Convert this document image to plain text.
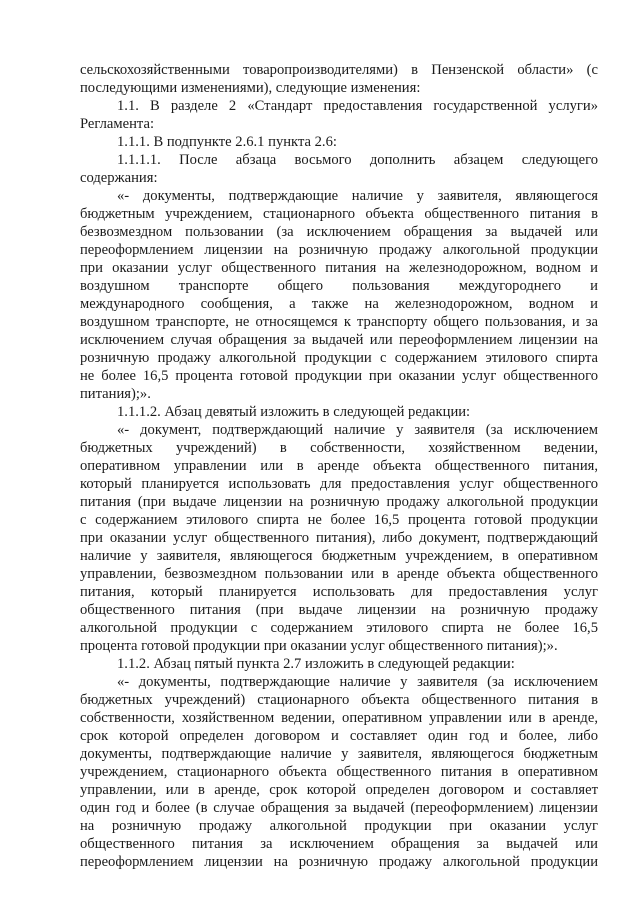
сельскохозяйственными товаропроизводителями) в Пензенской области» (с

последующими изменениями), следующие изменения:

1.1. В разделе 2 «Стандарт предоставления государственной услуги»

Регламента:

1.1.1. В подпункте 2.6.1 пункта 2.6:

1.1.1.1. После абзаца восьмого дополнить абзацем следующего

содержания:

«- документы, подтверждающие наличие у заявителя, являющегося

бюджетным учреждением, стационарного объекта общественного питания в

безвозмездном пользовании (за исключением обращения за выдачей или

переоформлением лицензии на розничную продажу алкогольной продукции

при оказании услуг общественного питания на железнодорожном, водном и

воздушном транспорте общего пользования междугороднего и

международного сообщения, а также на железнодорожном, водном и

воздушном транспорте, не относящемся к транспорту общего пользования, и за

исключением случая обращения за выдачей или переоформлением лицензии на

розничную продажу алкогольной продукции с содержанием этилового спирта

не более 16,5 процента готовой продукции при оказании услуг общественного

питания);».

1.1.1.2. Абзац девятый изложить в следующей редакции:

«- документ, подтверждающий наличие у заявителя (за исключением

бюджетных учреждений) в собственности, хозяйственном ведении,

оперативном управлении или в аренде объекта общественного питания,

который планируется использовать для предоставления услуг общественного

питания (при выдаче лицензии на розничную продажу алкогольной продукции

с содержанием этилового спирта не более 16,5 процента готовой продукции

при оказании услуг общественного питания), либо документ, подтверждающий

наличие у заявителя, являющегося бюджетным учреждением, в оперативном

управлении, безвозмездном пользовании или в аренде объекта общественного

питания, который планируется использовать для предоставления услуг

общественного питания (при выдаче лицензии на розничную продажу

алкогольной продукции с содержанием этилового спирта не более 16,5

процента готовой продукции при оказании услуг общественного питания);».

1.1.2. Абзац пятый пункта 2.7 изложить в следующей редакции:

«- документы, подтверждающие наличие у заявителя (за исключением

бюджетных учреждений) стационарного объекта общественного питания в

собственности, хозяйственном ведении, оперативном управлении или в аренде,

срок которой определен договором и составляет один год и более, либо

документы, подтверждающие наличие у заявителя, являющегося бюджетным

учреждением, стационарного объекта общественного питания в оперативном

управлении, или в аренде, срок которой определен договором и составляет

один год и более (в случае обращения за выдачей (переоформлением) лицензии

на розничную продажу алкогольной продукции при оказании услуг

общественного питания за исключением обращения за выдачей или

переоформлением лицензии на розничную продажу алкогольной продукции
